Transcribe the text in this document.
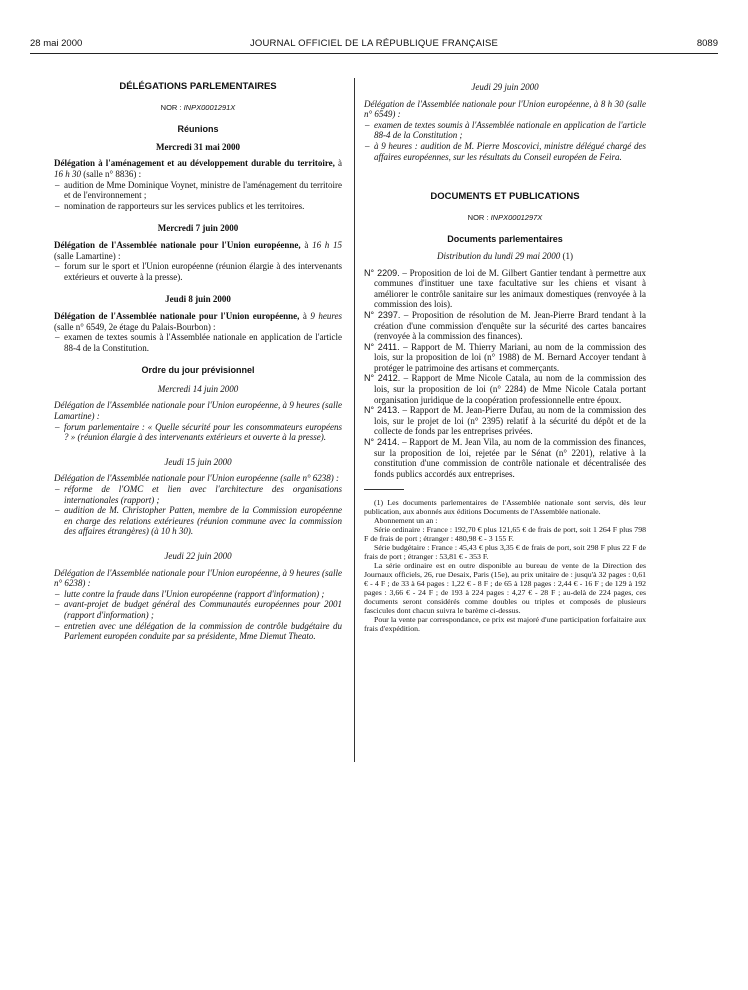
28 mai 2000	JOURNAL OFFICIEL DE LA RÉPUBLIQUE FRANÇAISE	8089
DÉLÉGATIONS PARLEMENTAIRES
NOR : INPX0001291X
Réunions
Mercredi 31 mai 2000

Délégation à l'aménagement et au développement durable du territoire, à 16 h 30 (salle n° 8836) :

– audition de Mme Dominique Voynet, ministre de l'aménagement du territoire et de l'environnement ;
– nomination de rapporteurs sur les services publics et les territoires.
Mercredi 7 juin 2000

Délégation de l'Assemblée nationale pour l'Union européenne, à 16 h 15 (salle Lamartine) :

– forum sur le sport et l'Union européenne (réunion élargie à des intervenants extérieurs et ouverte à la presse).
Jeudi 8 juin 2000

Délégation de l'Assemblée nationale pour l'Union européenne, à 9 heures (salle n° 6549, 2e étage du Palais-Bourbon) :

– examen de textes soumis à l'Assemblée nationale en application de l'article 88-4 de la Constitution.
Ordre du jour prévisionnel
Mercredi 14 juin 2000

Délégation de l'Assemblée nationale pour l'Union européenne, à 9 heures (salle Lamartine) :

– forum parlementaire : « Quelle sécurité pour les consommateurs européens ? » (réunion élargie à des intervenants extérieurs et ouverte à la presse).
Jeudi 15 juin 2000

Délégation de l'Assemblée nationale pour l'Union européenne (salle n° 6238) :

– réforme de l'OMC et lien avec l'architecture des organisations internationales (rapport) ;
– audition de M. Christopher Patten, membre de la Commission européenne en charge des relations extérieures (réunion commune avec la commission des affaires étrangères) (à 10 h 30).
Jeudi 22 juin 2000

Délégation de l'Assemblée nationale pour l'Union européenne, à 9 heures (salle n° 6238) :

– lutte contre la fraude dans l'Union européenne (rapport d'information) ;
– avant-projet de budget général des Communautés européennes pour 2001 (rapport d'information) ;
– entretien avec une délégation de la commission de contrôle budgétaire du Parlement européen conduite par sa présidente, Mme Diemut Theato.
Jeudi 29 juin 2000

Délégation de l'Assemblée nationale pour l'Union européenne, à 8 h 30 (salle n° 6549) :

– examen de textes soumis à l'Assemblée nationale en application de l'article 88-4 de la Constitution ;
– à 9 heures : audition de M. Pierre Moscovici, ministre délégué chargé des affaires européennes, sur les résultats du Conseil européen de Feira.
DOCUMENTS ET PUBLICATIONS
NOR : INPX0001297X
Documents parlementaires
Distribution du lundi 29 mai 2000 (1)
N° 2209. – Proposition de loi de M. Gilbert Gantier tendant à permettre aux communes d'instituer une taxe facultative sur les chiens et visant à améliorer le contrôle sanitaire sur les animaux domestiques (renvoyée à la commission des lois).
N° 2397. – Proposition de résolution de M. Jean-Pierre Brard tendant à la création d'une commission d'enquête sur la sécurité des cartes bancaires (renvoyée à la commission des finances).
N° 2411. – Rapport de M. Thierry Mariani, au nom de la commission des lois, sur la proposition de loi (n° 1988) de M. Bernard Accoyer tendant à protéger le patrimoine des artisans et commerçants.
N° 2412. – Rapport de Mme Nicole Catala, au nom de la commission des lois, sur la proposition de loi (n° 2284) de Mme Nicole Catala portant organisation juridique de la coopération professionnelle entre époux.
N° 2413. – Rapport de M. Jean-Pierre Dufau, au nom de la commission des lois, sur le projet de loi (n° 2395) relatif à la sécurité du dépôt et de la collecte de fonds par les entreprises privées.
N° 2414. – Rapport de M. Jean Vila, au nom de la commission des finances, sur la proposition de loi, rejetée par le Sénat (n° 2201), relative à la constitution d'une commission de contrôle nationale et décentralisée des fonds publics accordés aux entreprises.

(1) Les documents parlementaires de l'Assemblée nationale sont servis, dès leur publication, aux abonnés aux éditions Documents de l'Assemblée nationale.

Abonnement un an :

Série ordinaire : France : 192,70 € plus 121,65 € de frais de port, soit 1 264 F plus 798 F de frais de port ; étranger : 480,98 € - 3 155 F.

Série budgétaire : France : 45,43 € plus 3,35 € de frais de port, soit 298 F plus 22 F de frais de port ; étranger : 53,81 € - 353 F.

La série ordinaire est en outre disponible au bureau de vente de la Direction des Journaux officiels, 26, rue Desaix, Paris (15e), au prix unitaire de : jusqu'à 32 pages : 0,61 € - 4 F ; de 33 à 64 pages : 1,22 € - 8 F ; de 65 à 128 pages : 2,44 € - 16 F ; de 129 à 192 pages : 3,66 € - 24 F ; de 193 à 224 pages : 4,27 € - 28 F ; au-delà de 224 pages, ces documents seront considérés comme doubles ou triples et composés de plusieurs fascicules dont chacun suivra le barème ci-dessus.

Pour la vente par correspondance, ce prix est majoré d'une participation forfaitaire aux frais d'expédition.
